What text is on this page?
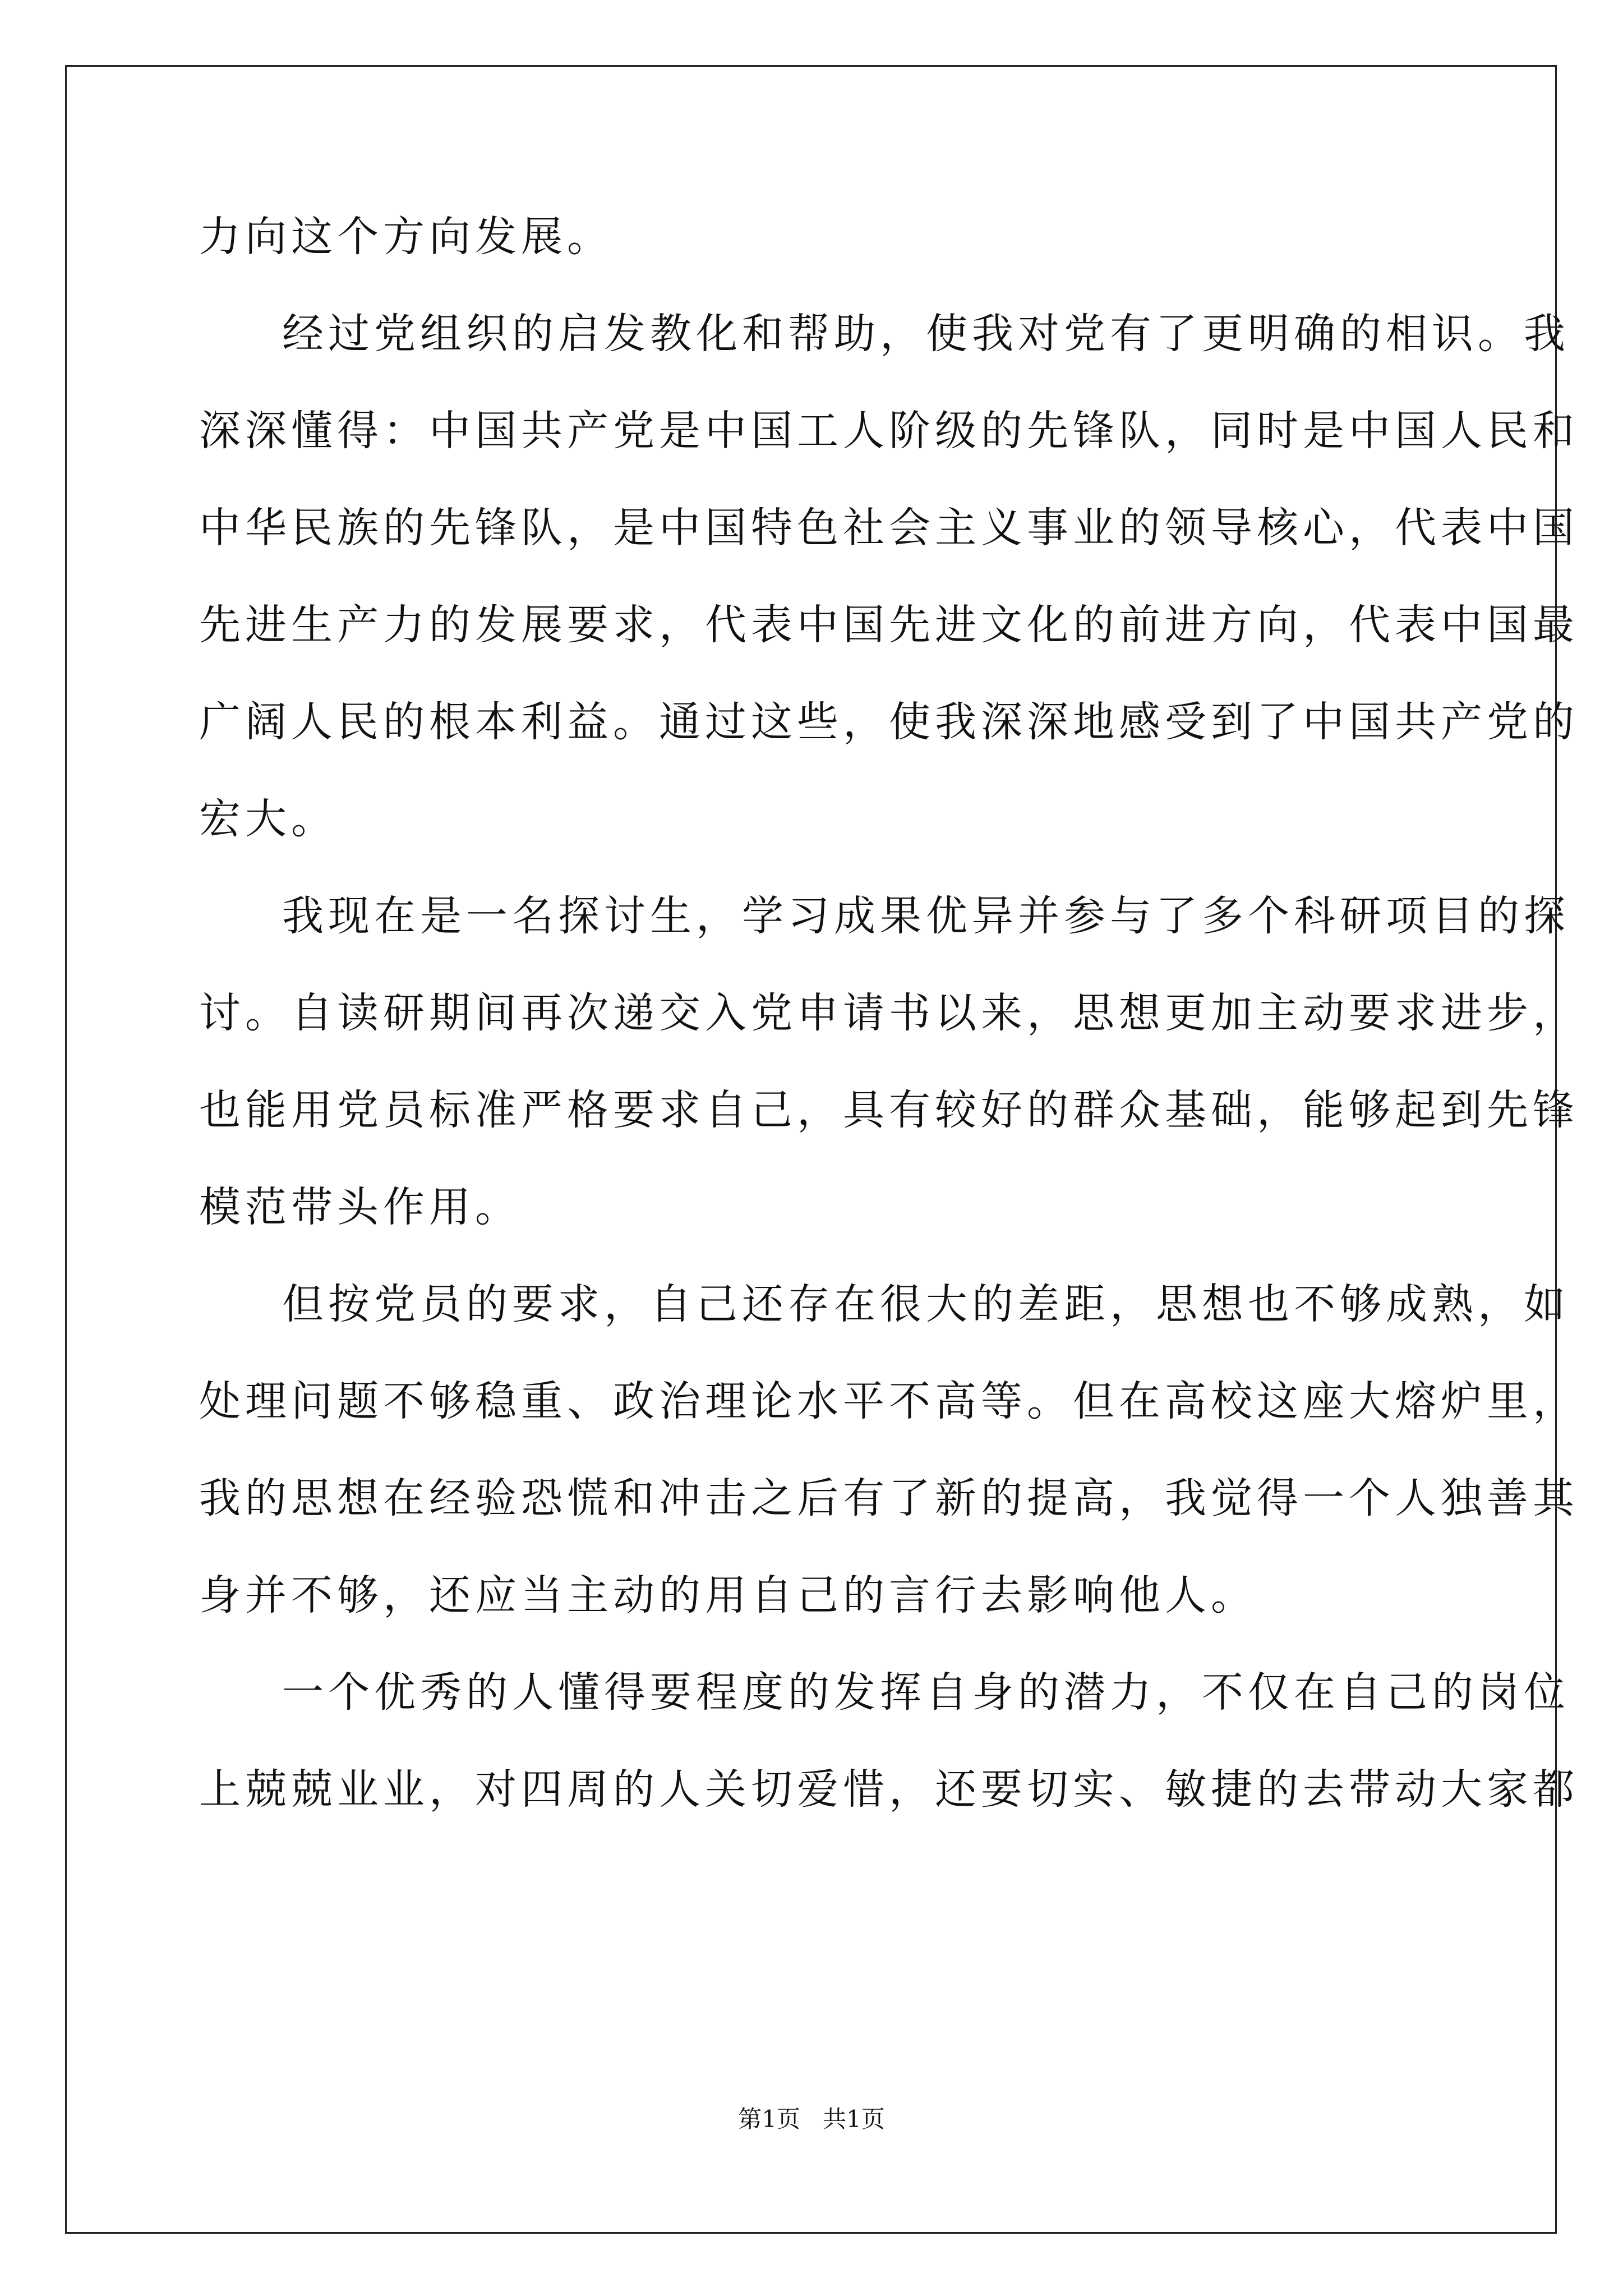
力向这个方向发展。
经过党组织的启发教化和帮助，使我对党有了更明确的相识。我
深深懂得：中国共产党是中国工人阶级的先锋队，同时是中国人民和
中华民族的先锋队，是中国特色社会主义事业的领导核心，代表中国
先进生产力的发展要求，代表中国先进文化的前进方向，代表中国最
广阔人民的根本利益。通过这些，使我深深地感受到了中国共产党的
宏大。
我现在是一名探讨生，学习成果优异并参与了多个科研项目的探
讨。自读研期间再次递交入党申请书以来，思想更加主动要求进步，
也能用党员标准严格要求自己，具有较好的群众基础，能够起到先锋
模范带头作用。
但按党员的要求，自己还存在很大的差距，思想也不够成熟，如
处理问题不够稳重、政治理论水平不高等。但在高校这座大熔炉里，
我的思想在经验恐慌和冲击之后有了新的提高，我觉得一个人独善其
身并不够，还应当主动的用自己的言行去影响他人。
一个优秀的人懂得要程度的发挥自身的潜力，不仅在自己的岗位
上兢兢业业，对四周的人关切爱惜，还要切实、敏捷的去带动大家都
第1页   共1页
